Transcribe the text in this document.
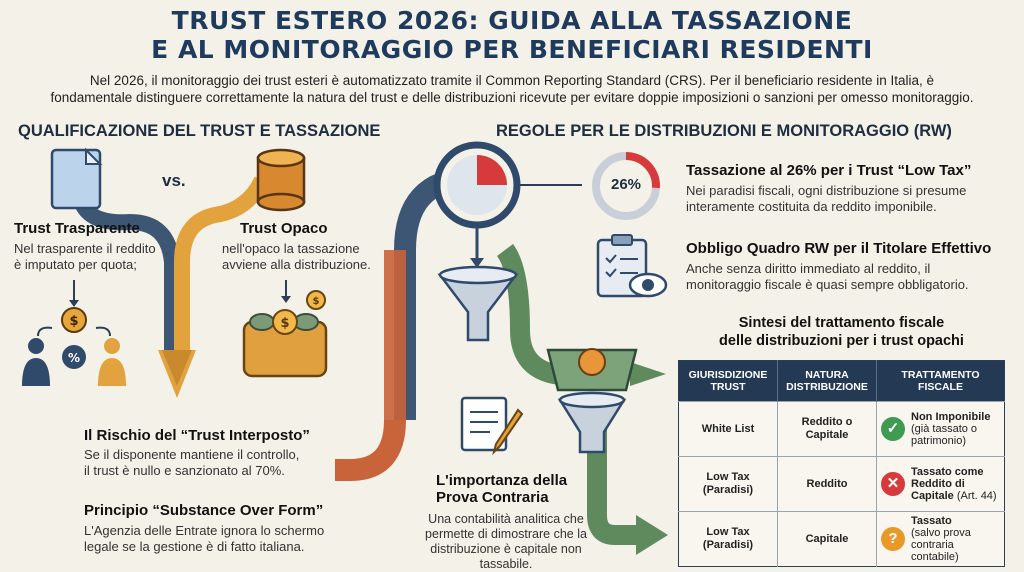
$
%
$
$
TRUST ESTERO 2026: GUIDA ALLA TASSAZIONE
E AL MONITORAGGIO PER BENEFICIARI RESIDENTI
Nel 2026, il monitoraggio dei trust esteri è automatizzato tramite il Common Reporting Standard (CRS). Per il beneficiario residente in Italia, è
fondamentale distinguere correttamente la natura del trust e delle distribuzioni ricevute per evitare doppie imposizioni o sanzioni per omesso monitoraggio.
QUALIFICAZIONE DEL TRUST E TASSAZIONE
vs.
Trust Trasparente
Nel trasparente il reddito
è imputato per quota;
Trust Opaco
nell'opaco la tassazione
avviene alla distribuzione.
Il Rischio del “Trust Interposto”
Se il disponente mantiene il controllo,
il trust è nullo e sanzionato al 70%.
Principio “Substance Over Form”
L'Agenzia delle Entrate ignora lo schermo
legale se la gestione è di fatto italiana.
REGOLE PER LE DISTRIBUZIONI E MONITORAGGIO (RW)
26%
Tassazione al 26% per i Trust “Low Tax”
Nei paradisi fiscali, ogni distribuzione si presume
interamente costituita da reddito imponibile.
Obbligo Quadro RW per il Titolare Effettivo
Anche senza diritto immediato al reddito, il
monitoraggio fiscale è quasi sempre obbligatorio.
L'importanza della
Prova Contraria
Una contabilità analitica che
permette di dimostrare che la
distribuzione è capitale non tassabile.
Sintesi del trattamento fiscale
delle distribuzioni per i trust opachi
GIURISDIZIONE TRUST	NATURA DISTRIBUZIONE	TRATTAMENTO FISCALE
White List	Reddito o Capitale	✓
Non Imponibile
(già tassato o patrimonio)

Low Tax (Paradisi)	Reddito	✕
Tassato come Reddito di Capitale (Art. 44)

Low Tax (Paradisi)	Capitale	?
Tassato
(salvo prova contraria contabile)
